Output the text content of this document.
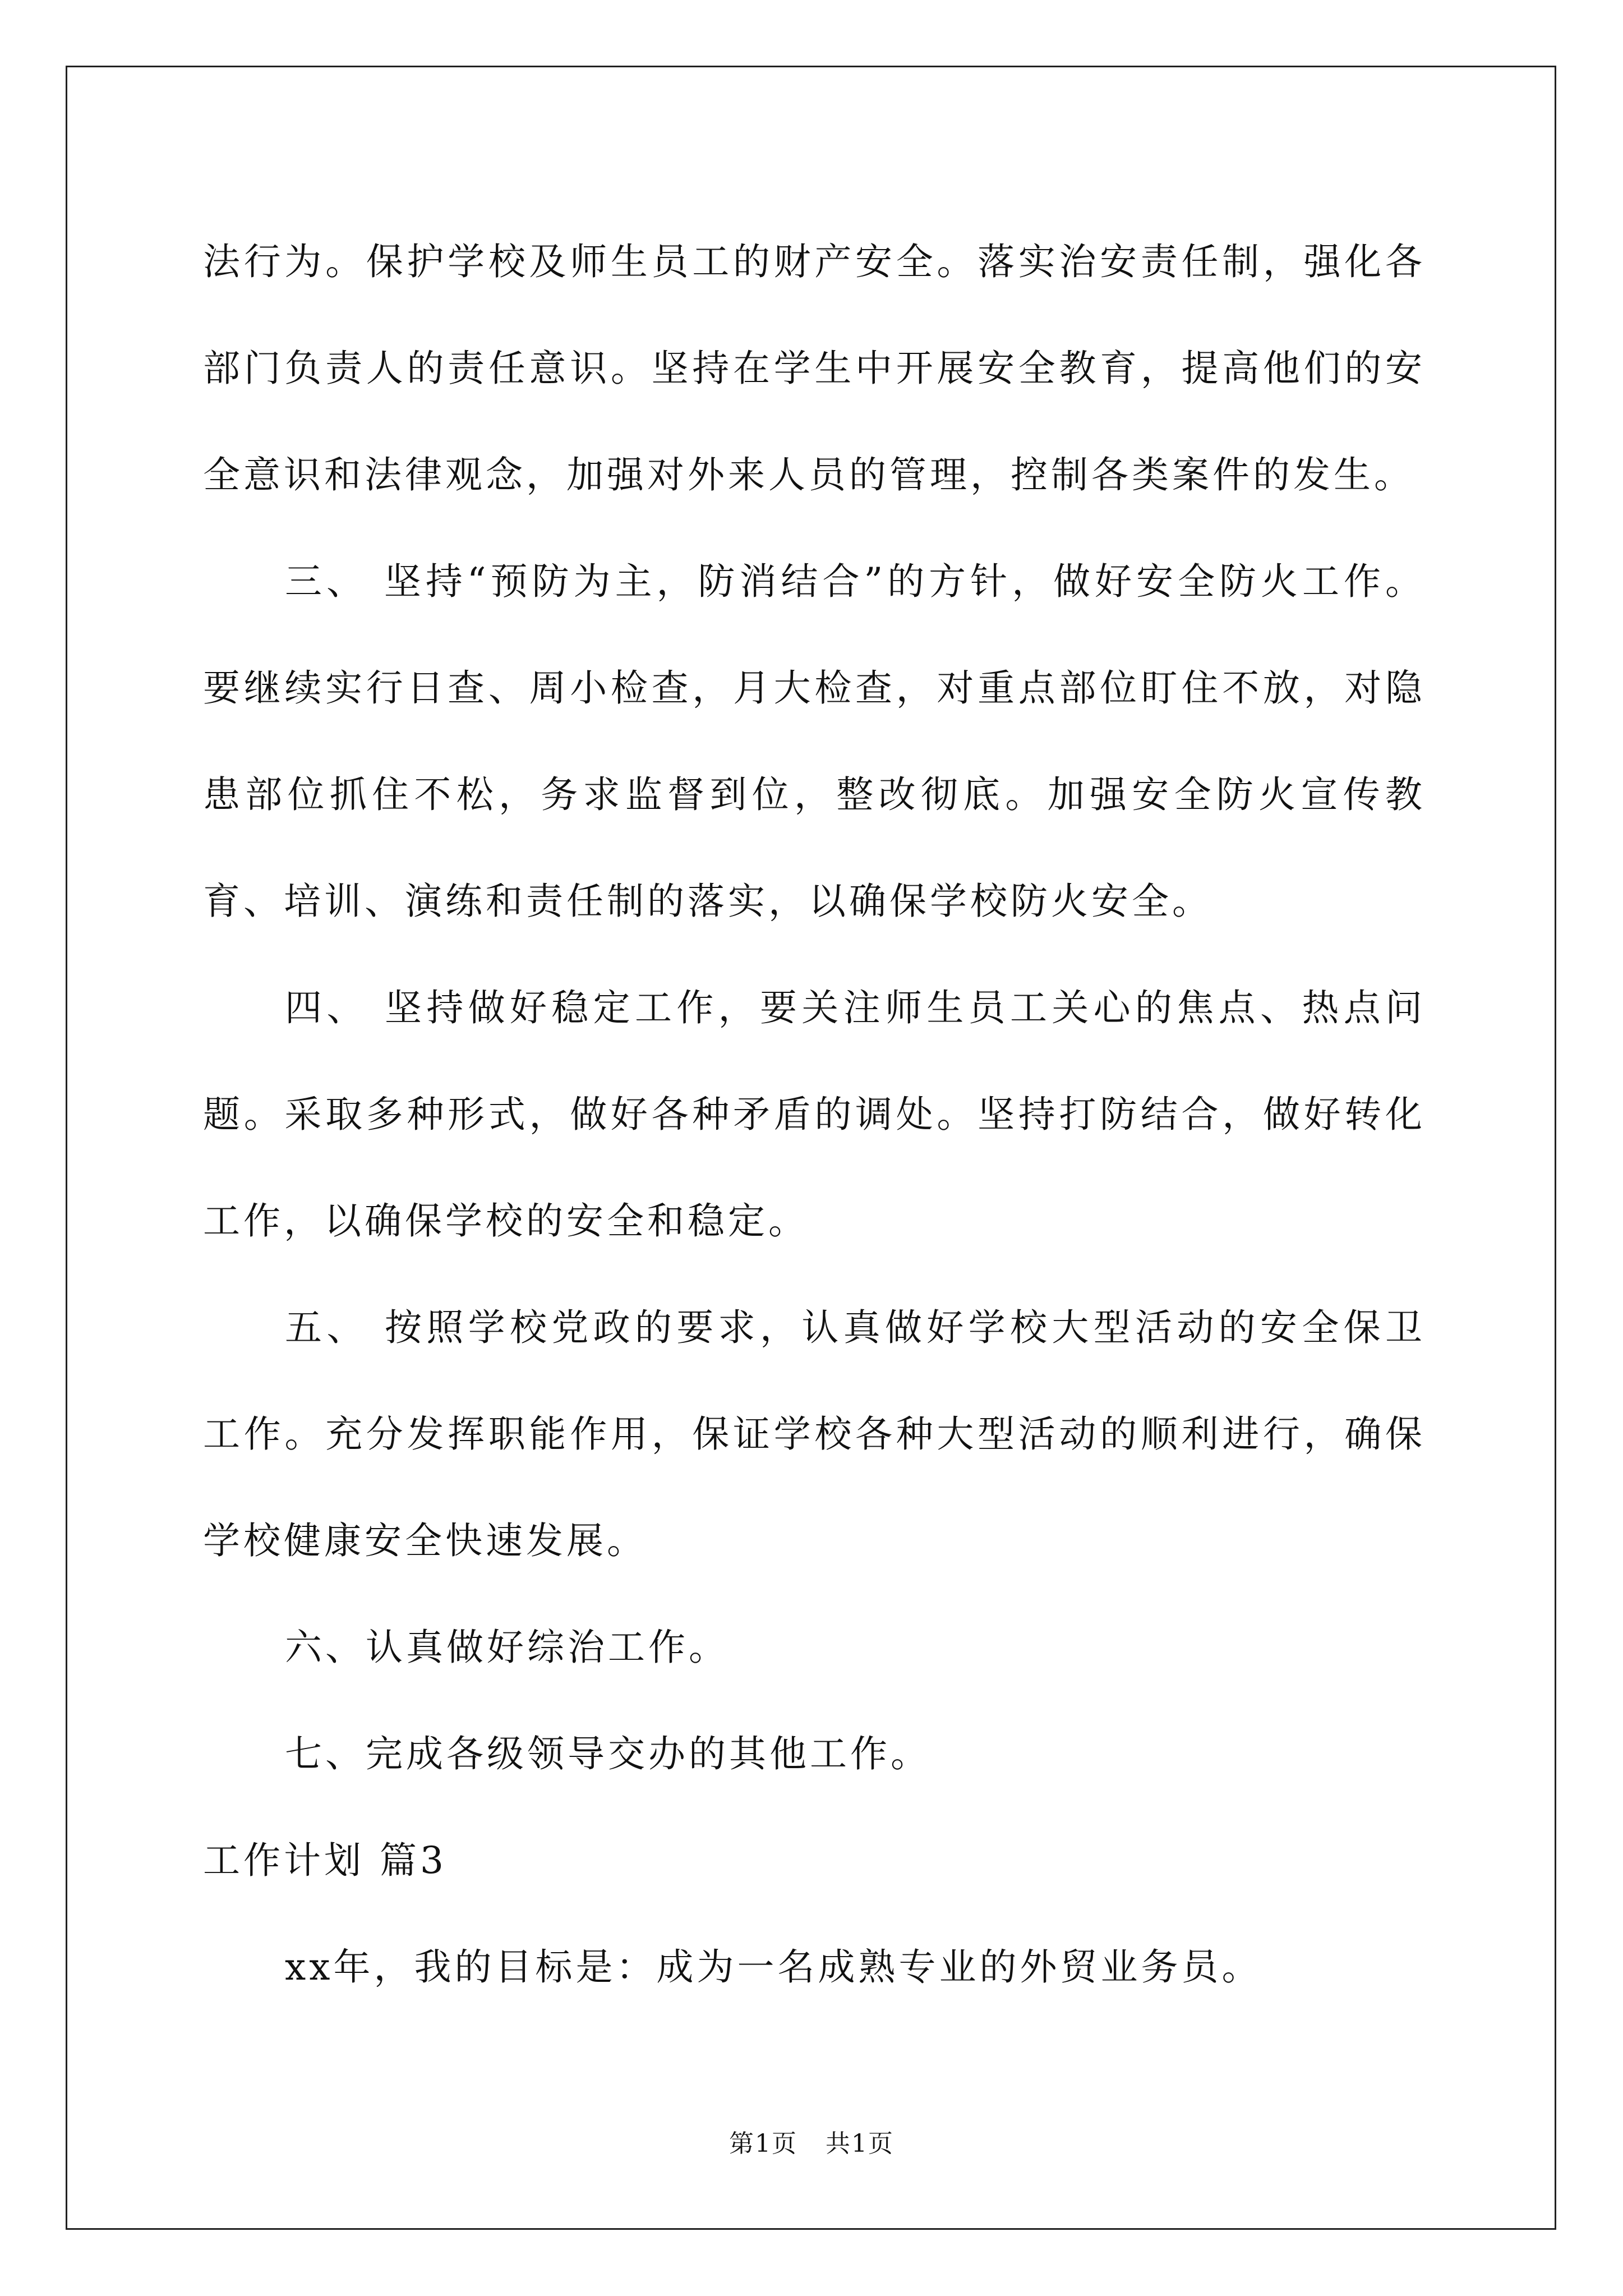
法行为。保护学校及师生员工的财产安全。落实治安责任制，强化各部门负责人的责任意识。坚持在学生中开展安全教育，提高他们的安全意识和法律观念，加强对外来人员的管理，控制各类案件的发生。

三、 坚持“预防为主，防消结合”的方针，做好安全防火工作。要继续实行日查、周小检查，月大检查，对重点部位盯住不放，对隐患部位抓住不松，务求监督到位，整改彻底。加强安全防火宣传教育、培训、演练和责任制的落实，以确保学校防火安全。

四、 坚持做好稳定工作，要关注师生员工关心的焦点、热点问题。采取多种形式，做好各种矛盾的调处。坚持打防结合，做好转化工作，以确保学校的安全和稳定。

五、 按照学校党政的要求，认真做好学校大型活动的安全保卫工作。充分发挥职能作用，保证学校各种大型活动的顺利进行，确保学校健康安全快速发展。

六、认真做好综治工作。

七、完成各级领导交办的其他工作。

工作计划 篇3

xx年，我的目标是：成为一名成熟专业的外贸业务员。

第1页 共1页
